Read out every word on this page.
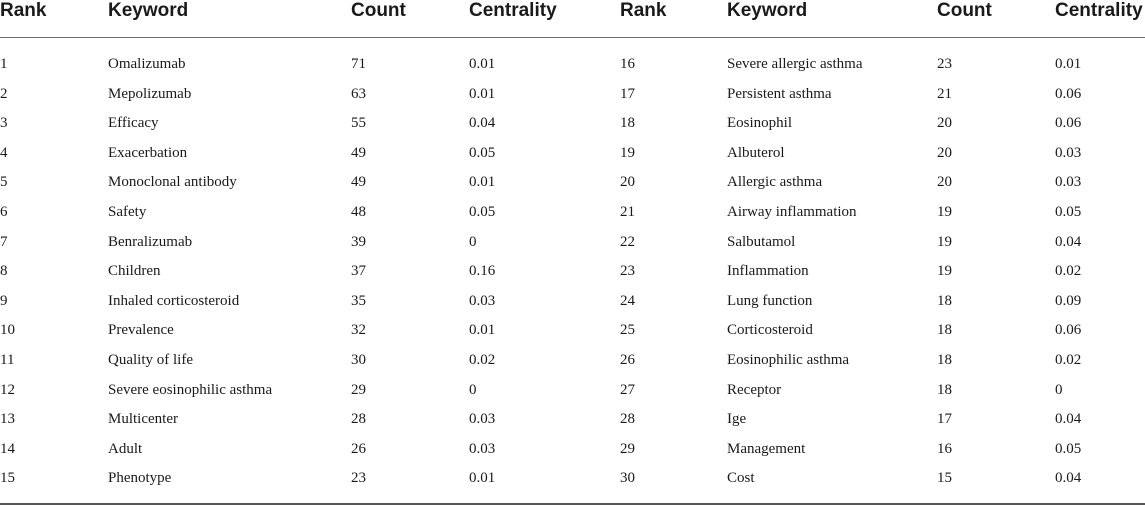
Rank	Keyword	Count	Centrality	Rank	Keyword	Count	Centrality
1	Omalizumab	71	0.01	16	Severe allergic asthma	23	0.01
2	Mepolizumab	63	0.01	17	Persistent asthma	21	0.06
3	Efficacy	55	0.04	18	Eosinophil	20	0.06
4	Exacerbation	49	0.05	19	Albuterol	20	0.03
5	Monoclonal antibody	49	0.01	20	Allergic asthma	20	0.03
6	Safety	48	0.05	21	Airway inflammation	19	0.05
7	Benralizumab	39	0	22	Salbutamol	19	0.04
8	Children	37	0.16	23	Inflammation	19	0.02
9	Inhaled corticosteroid	35	0.03	24	Lung function	18	0.09
10	Prevalence	32	0.01	25	Corticosteroid	18	0.06
11	Quality of life	30	0.02	26	Eosinophilic asthma	18	0.02
12	Severe eosinophilic asthma	29	0	27	Receptor	18	0
13	Multicenter	28	0.03	28	Ige	17	0.04
14	Adult	26	0.03	29	Management	16	0.05
15	Phenotype	23	0.01	30	Cost	15	0.04
